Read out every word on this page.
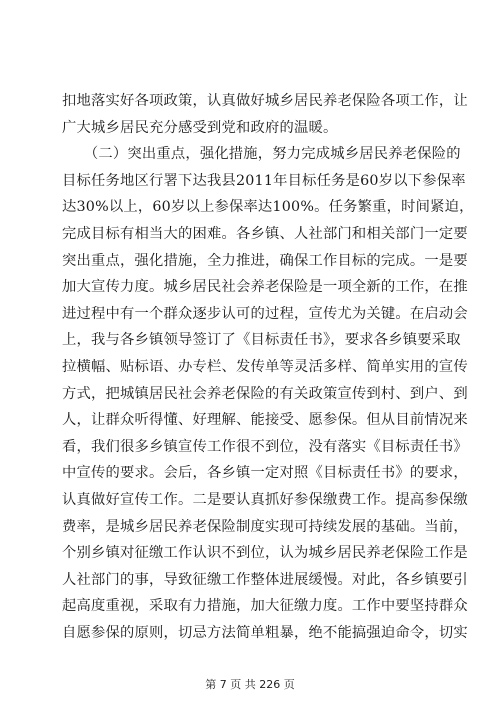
扣地落实好各项政策，认真做好城乡居民养老保险各项工作，让
广大城乡居民充分感受到党和政府的温暖。
　　（二）突出重点，强化措施，努力完成城乡居民养老保险的
目标任务地区行署下达我县2011年目标任务是60岁以下参保率
达30%以上，60岁以上参保率达100%。任务繁重，时间紧迫，
完成目标有相当大的困难。各乡镇、人社部门和相关部门一定要
突出重点，强化措施，全力推进，确保工作目标的完成。一是要
加大宣传力度。城乡居民社会养老保险是一项全新的工作，在推
进过程中有一个群众逐步认可的过程，宣传尤为关键。在启动会
上，我与各乡镇领导签订了《目标责任书》，要求各乡镇要采取
拉横幅、贴标语、办专栏、发传单等灵活多样、简单实用的宣传
方式，把城镇居民社会养老保险的有关政策宣传到村、到户、到
人，让群众听得懂、好理解、能接受、愿参保。但从目前情况来
看，我们很多乡镇宣传工作很不到位，没有落实《目标责任书》
中宣传的要求。会后，各乡镇一定对照《目标责任书》的要求，
认真做好宣传工作。二是要认真抓好参保缴费工作。提高参保缴
费率，是城乡居民养老保险制度实现可持续发展的基础。当前，
个别乡镇对征缴工作认识不到位，认为城乡居民养老保险工作是
人社部门的事，导致征缴工作整体进展缓慢。对此，各乡镇要引
起高度重视，采取有力措施，加大征缴力度。工作中要坚持群众
自愿参保的原则，切忌方法简单粗暴，绝不能搞强迫命令，切实
第 7 页 共 226 页
